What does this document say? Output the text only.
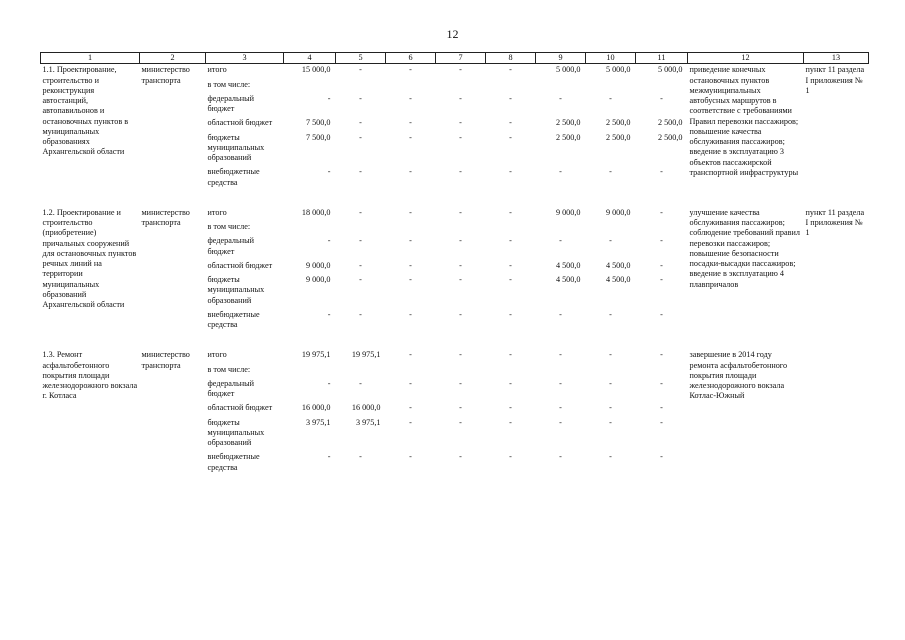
12
1	2	3	4	5	6	7	8	9	10	11	12	13
1.1. Проектирование, строительство и реконструкция автостанций, автопавильонов и остановочных пунктов в муниципальных образованиях Архангельской области	министерство транспорта	итого	15 000,0	-	-	-	-	5 000,0	5 000,0	5 000,0	приведение конечных остановочных пунктов межмуниципальных автобусных маршрутов в соответствие с требованиями Правил перевозки пассажиров; повышение качества обслуживания пассажиров; введение в эксплуатацию 3 объектов пассажирской транспортной инфраструктуры	пункт 11 раздела I приложения № 1
		в том числе:										
		федеральный бюджет	-	-	-	-	-	-	-	-		
		областной бюджет	7 500,0	-	-	-	-	2 500,0	2 500,0	2 500,0		
		бюджеты муниципальных образований	7 500,0	-	-	-	-	2 500,0	2 500,0	2 500,0		
		внебюджетные средства	-	-	-	-	-	-	-	-		

1.2. Проектирование и строительство (приобретение) причальных сооружений для остановочных пунктов речных линий на территории муниципальных образований Архангельской области	министерство транспорта	итого	18 000,0	-	-	-	-	9 000,0	9 000,0	-	улучшение качества обслуживания пассажиров; соблюдение требований правил перевозки пассажиров; повышение безопасности посадки-высадки пассажиров; введение в эксплуатацию 4 плавпричалов	пункт 11 раздела I приложения № 1
		в том числе:										
		федеральный бюджет	-	-	-	-	-	-	-	-		
		областной бюджет	9 000,0	-	-	-	-	4 500,0	4 500,0	-		
		бюджеты муниципальных образований	9 000,0	-	-	-	-	4 500,0	4 500,0	-		
		внебюджетные средства	-	-	-	-	-	-	-	-		

1.3. Ремонт асфальтобетонного покрытия площади железнодорожного вокзала г. Котласа	министерство транспорта	итого	19 975,1	19 975,1	-	-	-	-	-	-	завершение в 2014 году ремонта асфальтобетонного покрытия площади железнодорожного вокзала Котлас-Южный	
		в том числе:										
		федеральный бюджет	-	-	-	-	-	-	-	-		
		областной бюджет	16 000,0	16 000,0	-	-	-	-	-	-		
		бюджеты муниципальных образований	3 975,1	3 975,1	-	-	-	-	-	-		
		внебюджетные средства	-	-	-	-	-	-	-	-		
